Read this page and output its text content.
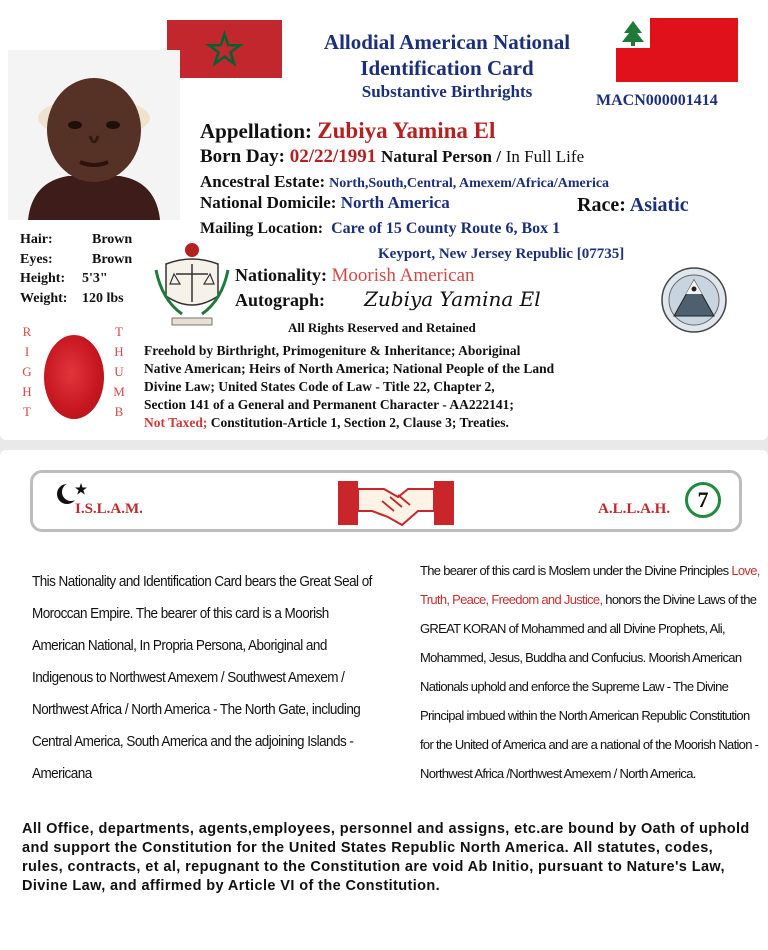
Allodial American National
Identification Card
Substantive Birthrights	MACN000001414
Appellation: Zubiya Yamina El
Born Day: 02/22/1991 Natural Person / In Full Life
Ancestral Estate: North,South,Central, Amexem/Africa/America
National Domicile: North America	Race: Asiatic
Mailing Location: Care of 15 County Route 6, Box 1
Keyport, New Jersey Republic [07735]
Nationality: Moorish American
Autograph: Zubiya Yamina El
All Rights Reserved and Retained
Hair:	Brown
Eyes:	Brown
Height: 5'3"
Weight: 120 lbs
R
I
G
H
T
T
H
U
M
B
Freehold by Birthright, Primogeniture & Inheritance; Aboriginal
Native American; Heirs of North America; National People of the Land
Divine Law; United States Code of Law - Title 22, Chapter 2,
Section 141 of a General and Permanent Character - AA222141;
Not Taxed; Constitution-Article 1, Section 2, Clause 3; Treaties.
I.S.L.A.M.	A.L.L.A.H.	7
This Nationality and Identification Card bears the Great Seal of Moroccan Empire. The bearer of this card is a Moorish American National, In Propria Persona, Aboriginal and Indigenous to Northwest Amexem / Southwest Amexem / Northwest Africa / North America - The North Gate, including Central America, South America and the adjoining Islands - Americana
The bearer of this card is Moslem under the Divine Principles Love, Truth, Peace, Freedom and Justice, honors the Divine Laws of the GREAT KORAN of Mohammed and all Divine Prophets, Ali, Mohammed, Jesus, Buddha and Confucius. Moorish American Nationals uphold and enforce the Supreme Law - The Divine Principal imbued within the North American Republic Constitution for the United of America and are a national of the Moorish Nation - Northwest Africa /Northwest Amexem / North America.
All Office, departments, agents,employees, personnel and assigns, etc.are bound by Oath of uphold and support the Constitution for the United States Republic North America. All statutes, codes, rules, contracts, et al, repugnant to the Constitution are void Ab Initio, pursuant to Nature's Law, Divine Law, and affirmed by Article VI of the Constitution.
